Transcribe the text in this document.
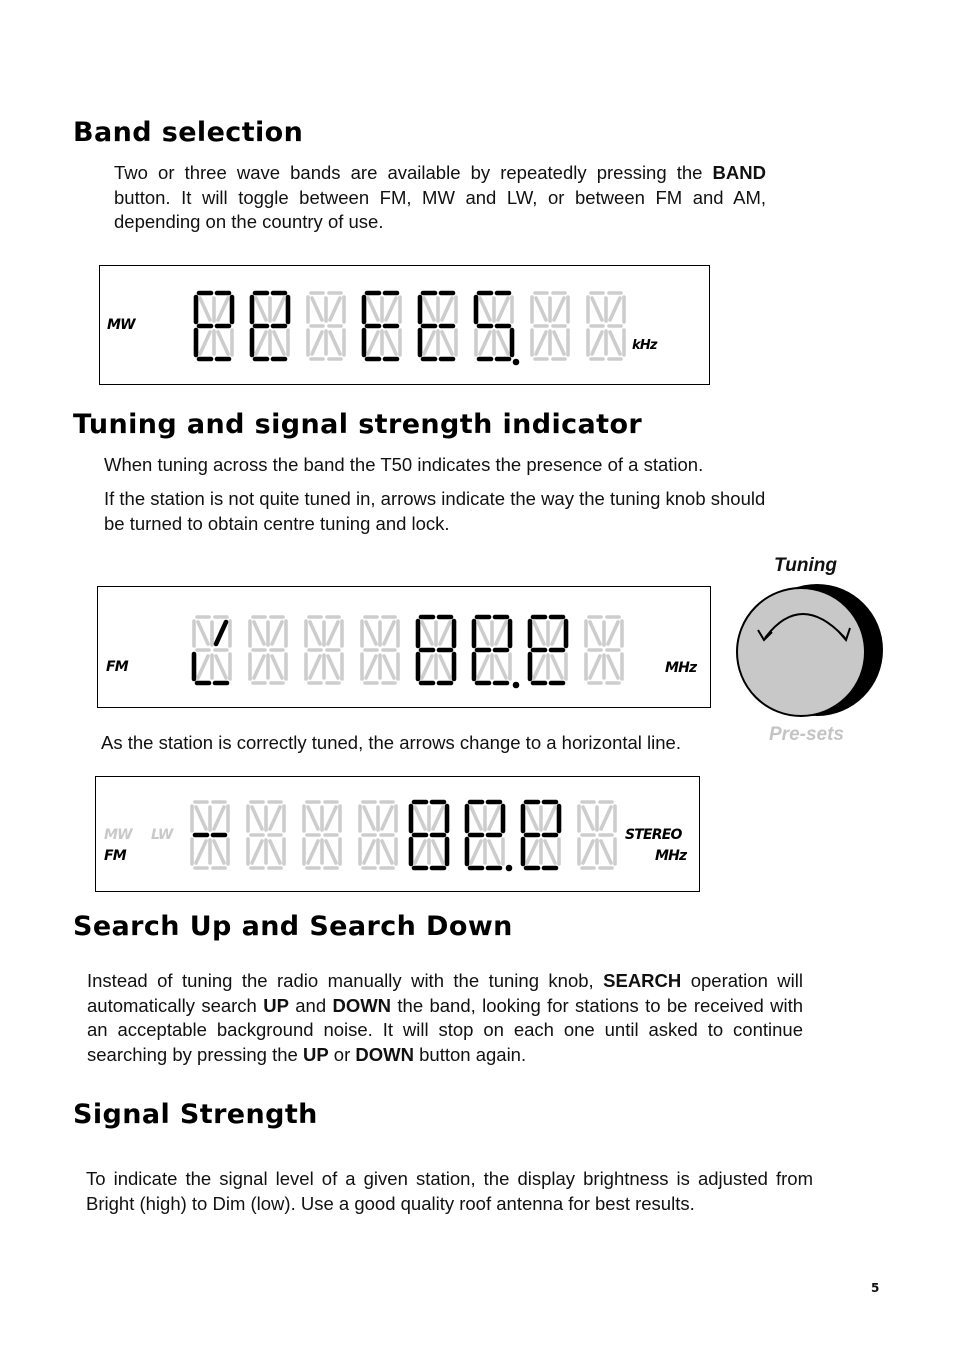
Band selection

Two or three wave bands are available by repeatedly pressing the BAND button. It will toggle between FM, MW and LW, or between FM and AM, depending on the country of use.

MW
kHz
Tuning and signal strength indicator

When tuning across the band the T50 indicates the presence of a station.

If the station is not quite tuned in, arrows indicate the way the tuning knob should be turned to obtain centre tuning and lock.

FM	MHz
Tuning
Pre-sets

As the station is correctly tuned, the arrows change to a horizontal line.

MW LW
FM
STEREO
MHz
Search Up and Search Down

Instead of tuning the radio manually with the tuning knob, SEARCH operation will automatically search UP and DOWN the band, looking for stations to be received with an acceptable background noise. It will stop on each one until asked to continue searching by pressing the UP or DOWN button again.

Signal Strength

To indicate the signal level of a given station, the display brightness is adjusted from Bright (high) to Dim (low). Use a good quality roof antenna for best results.

5
